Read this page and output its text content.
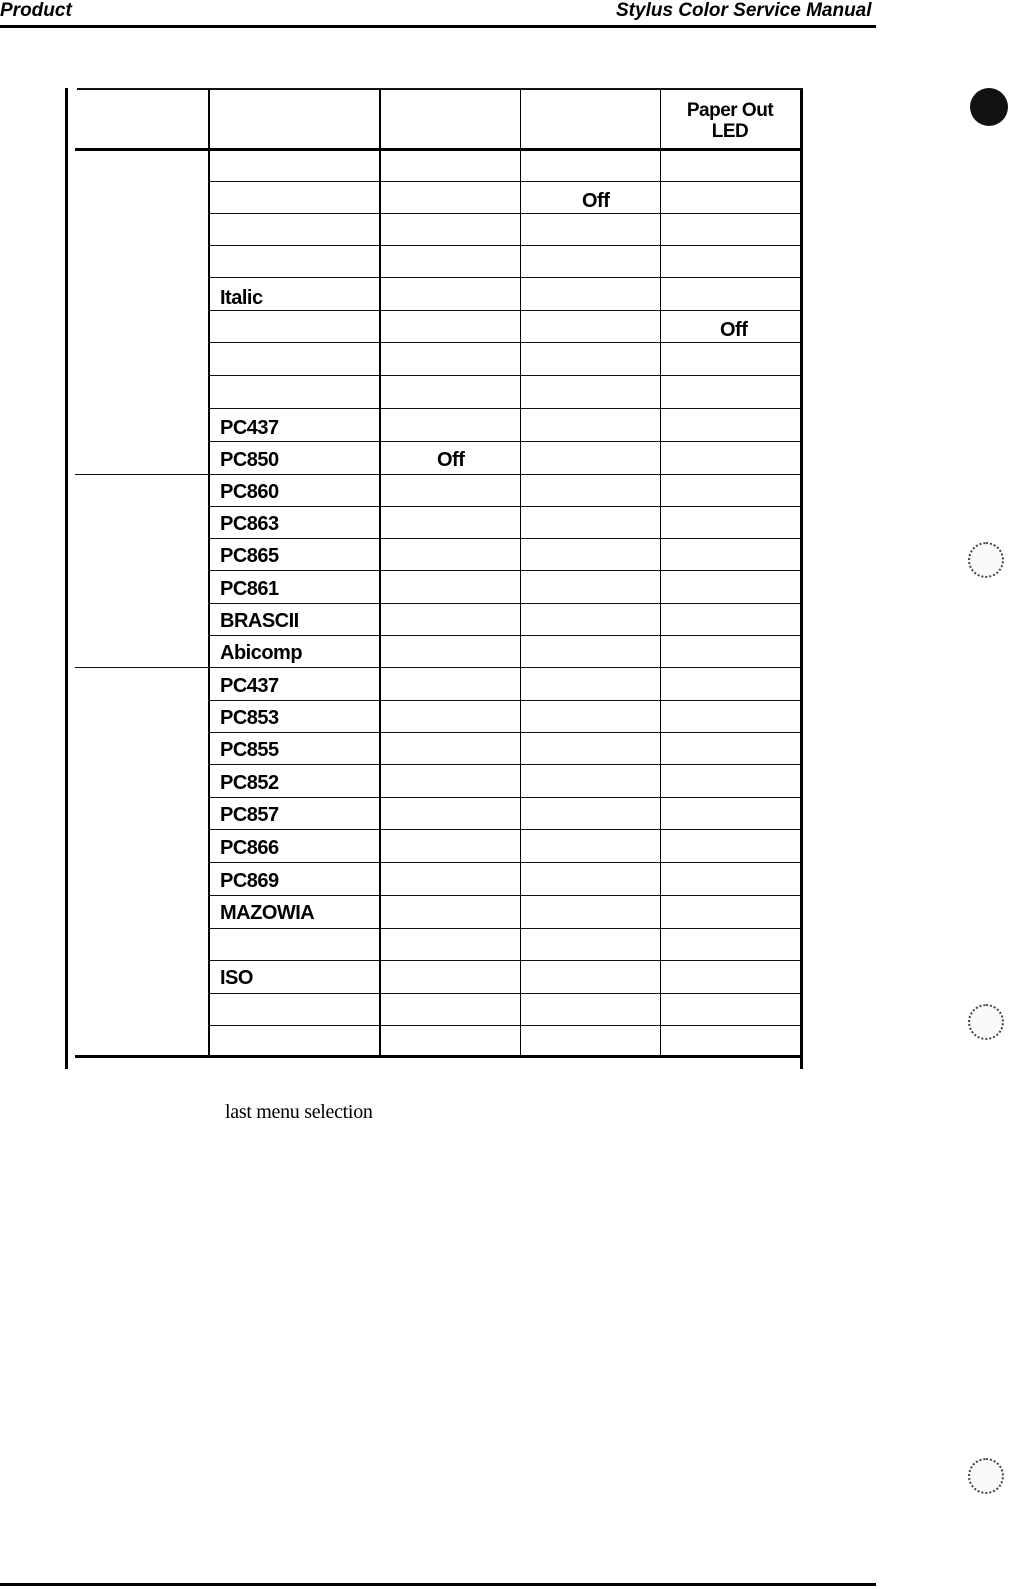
Product	Stylus Color Service Manual
Paper Out
LED
Off
Italic
Off
PC437
PC850	Off
PC860
PC863
PC865
PC861
BRASCII
Abicomp
PC437
PC853
PC855
PC852
PC857
PC866
PC869
MAZOWIA
ISO
last menu selection
